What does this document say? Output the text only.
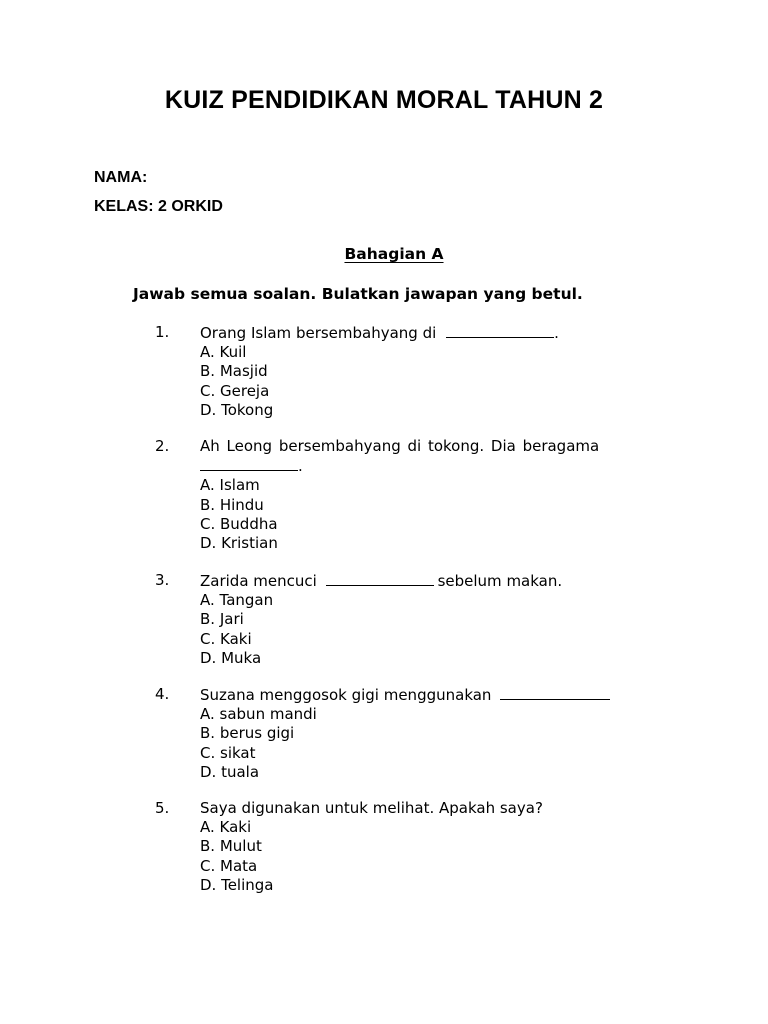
KUIZ PENDIDIKAN MORAL TAHUN 2
NAMA:
KELAS: 2 ORKID
Bahagian A
Jawab semua soalan. Bulatkan jawapan yang betul.
1. Orang Islam bersembahyang di	.
A. Kuil
B. Masjid
C. Gereja
D. Tokong
2. Ah Leong bersembahyang di tokong. Dia beragama
.
A. Islam
B. Hindu
C. Buddha
D. Kristian
3. Zarida mencuci	sebelum makan.
A. Tangan
B. Jari
C. Kaki
D. Muka
4. Suzana menggosok gigi menggunakan
A. sabun mandi
B. berus gigi
C. sikat
D. tuala
5. Saya digunakan untuk melihat. Apakah saya?
A. Kaki
B. Mulut
C. Mata
D. Telinga
